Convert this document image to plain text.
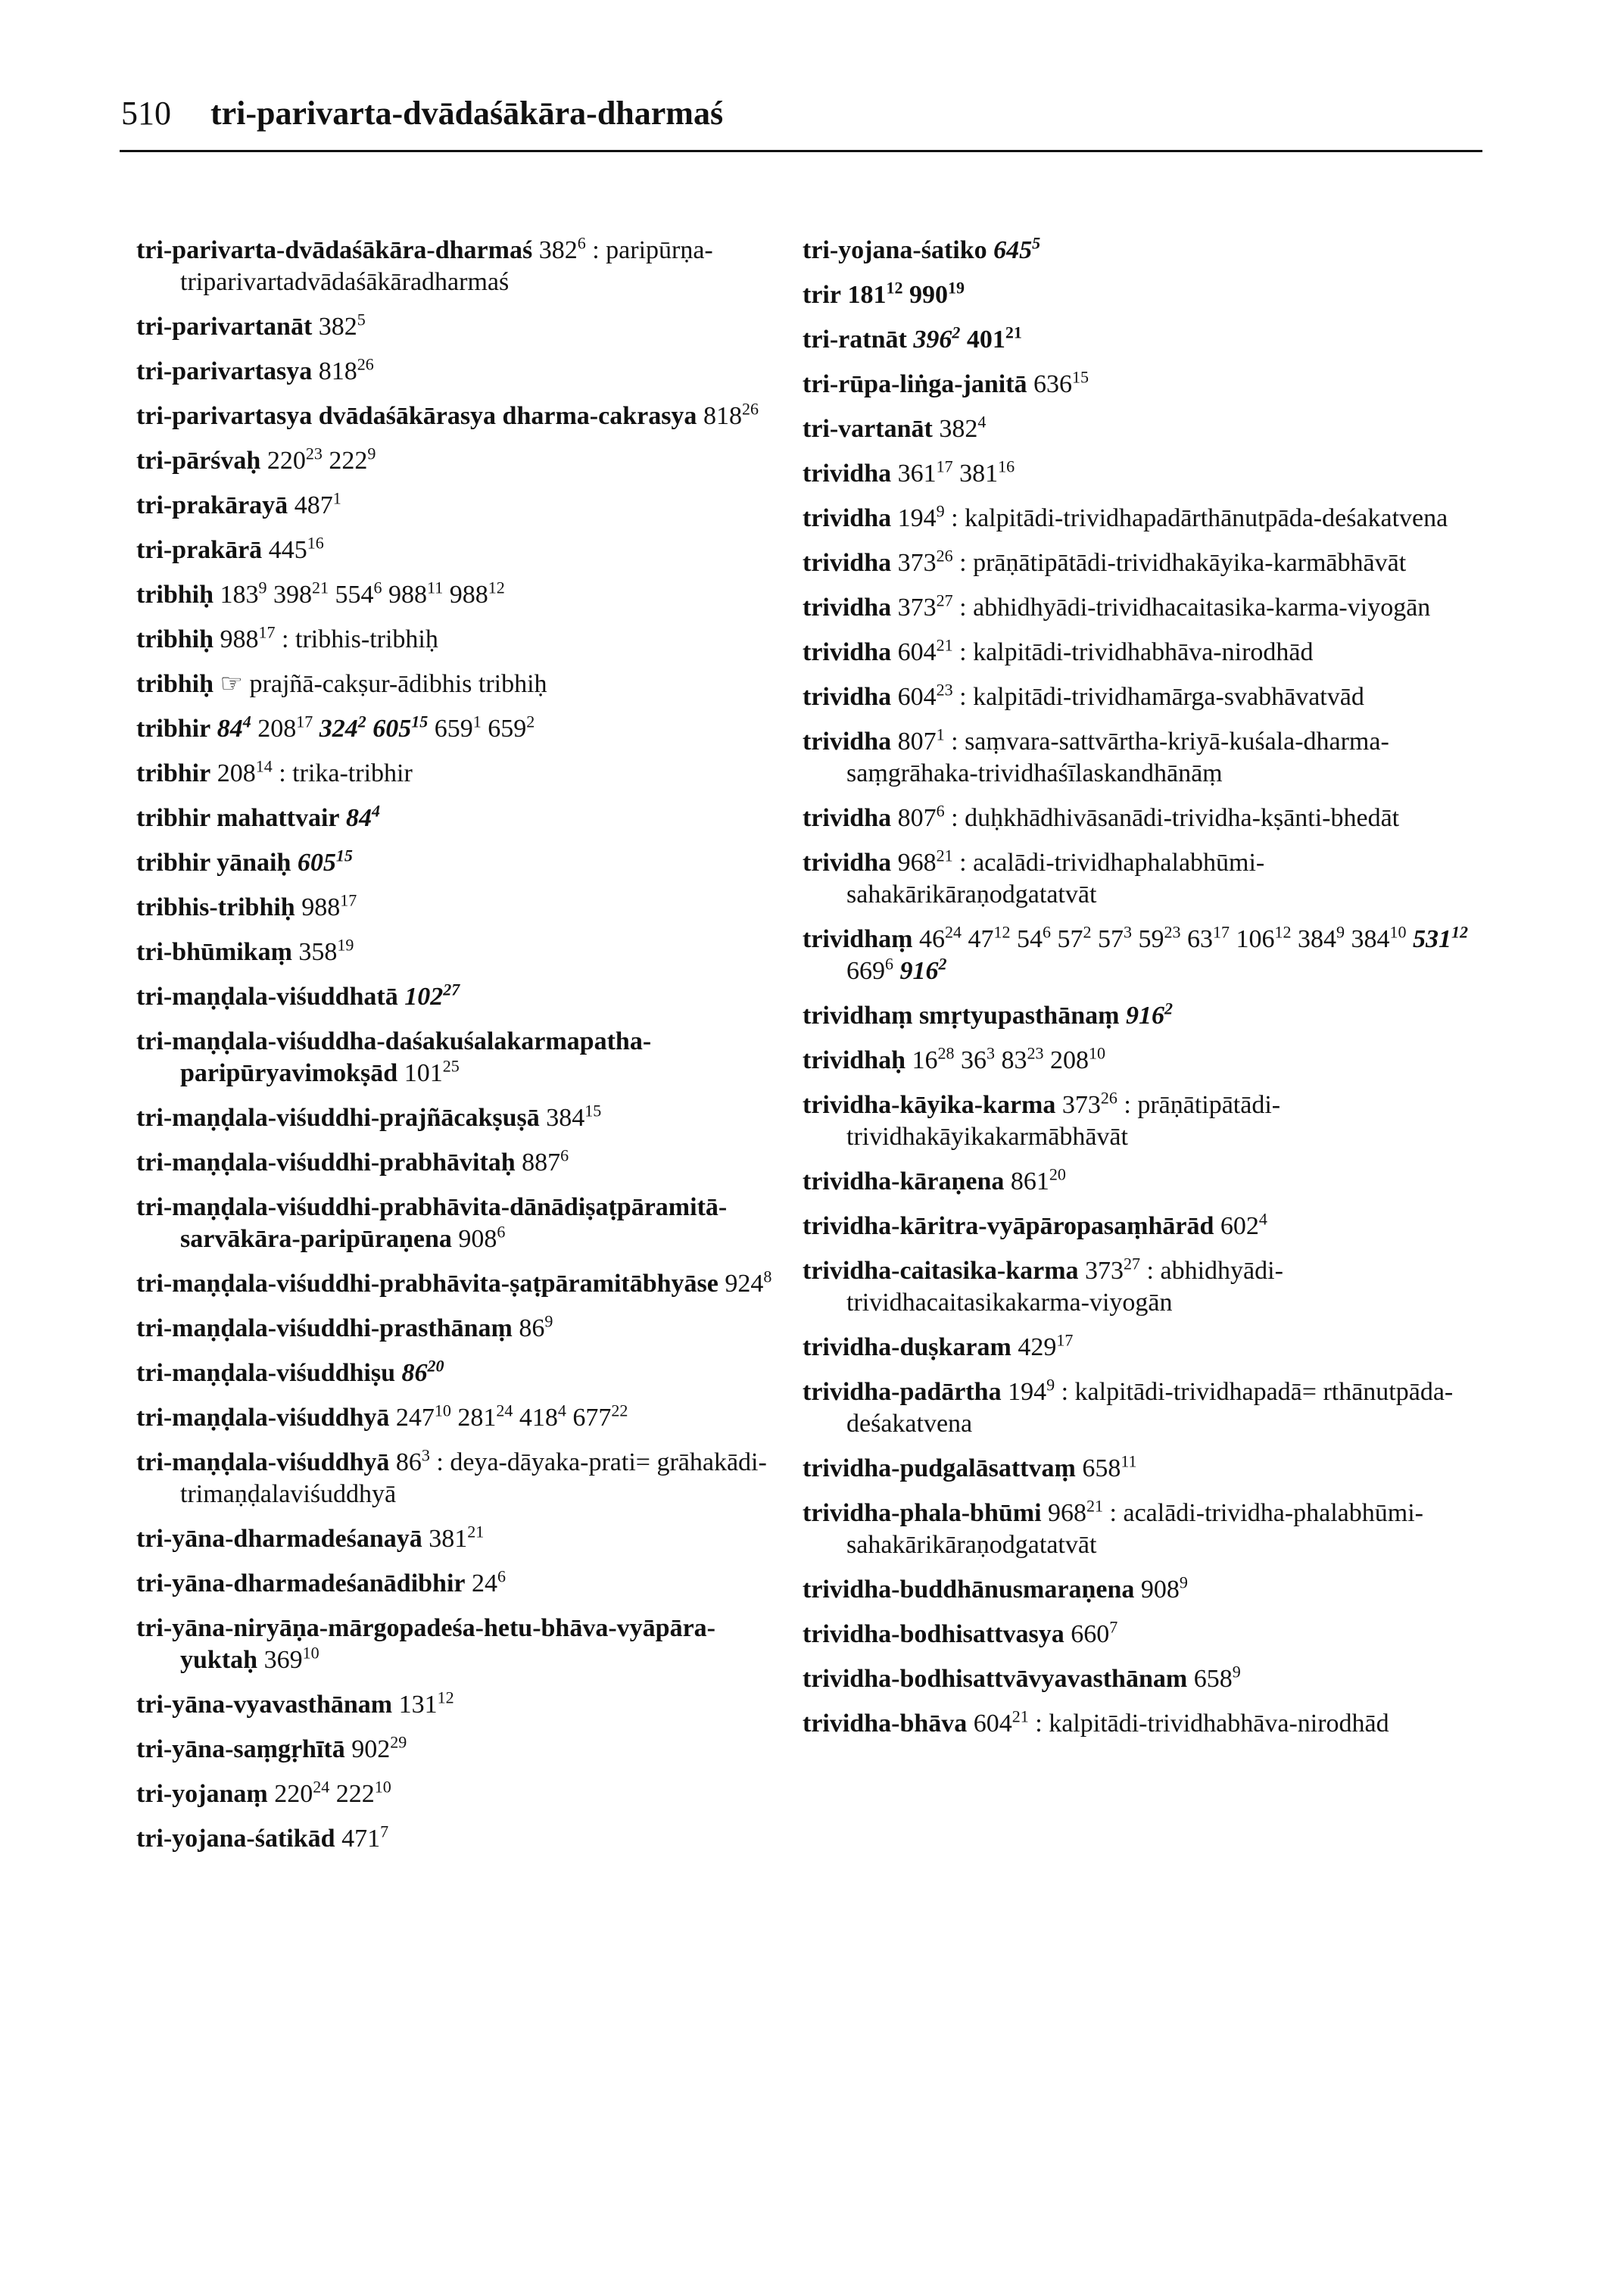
510 tri-parivarta-dvādaśākāra-dharmaś
tri-parivarta-dvādaśākāra-dharmaś $382^6$ : paripūrṇa-triparivartadvādaśākāradharmaś
tri-parivartanāt $382^5$
tri-parivartasya $818^{26}$
tri-parivartasya dvādaśākārasya dharma-cakrasya $818^{26}$
tri-pārśvaḥ $220^{23}$ $222^9$
tri-prakārayā $487^1$
tri-prakārā $445^{16}$
tribhiḥ $183^9$ $398^{21}$ $554^6$ $988^{11}$ $988^{12}$
tribhiḥ $988^{17}$ : tribhis-tribhiḥ
tribhiḥ ☞ prajñā-cakṣur-ādibhis tribhiḥ
tribhir $84^4$ $208^{17}$ $324^2$ $605^{15}$ $659^1$ $659^2$
tribhir $208^{14}$ : trika-tribhir
tribhir mahattvair $84^4$
tribhir yānaiḥ $605^{15}$
tribhis-tribhiḥ $988^{17}$
tri-bhūmikaṃ $358^{19}$
tri-maṇḍala-viśuddhatā $102^{27}$
tri-maṇḍala-viśuddha-daśakuśalakarmapatha-paripūryavimokṣād $101^{25}$
tri-maṇḍala-viśuddhi-prajñācakṣuṣā $384^{15}$
tri-maṇḍala-viśuddhi-prabhāvitaḥ $887^6$
tri-maṇḍala-viśuddhi-prabhāvita-dānādiṣaṭpāramitā-sarvākāra-paripūraṇena $908^6$
tri-maṇḍala-viśuddhi-prabhāvita-ṣaṭpāramitābhyāse $924^8$
tri-maṇḍala-viśuddhi-prasthānaṃ $86^9$
tri-maṇḍala-viśuddhiṣu $86^{20}$
tri-maṇḍala-viśuddhyā $247^{10}$ $281^{24}$ $418^4$ $677^{22}$
tri-maṇḍala-viśuddhyā $86^3$ : deya-dāyaka-prati= grāhakādi-trimaṇḍalaviśuddhyā
tri-yāna-dharmadeśanayā $381^{21}$
tri-yāna-dharmadeśanādibhir $24^6$
tri-yāna-niryāṇa-mārgopadeśa-hetu-bhāva-vyāpāra-yuktaḥ $369^{10}$
tri-yāna-vyavasthānam $131^{12}$
tri-yāna-saṃgṛhītā $902^{29}$
tri-yojanaṃ $220^{24}$ $222^{10}$
tri-yojana-śatikād $471^7$
tri-yojana-śatiko $645^5$
trir $181^{12}$ $990^{19}$
tri-ratnāt $396^2$ $401^{21}$
tri-rūpa-liṅga-janitā $636^{15}$
tri-vartanāt $382^4$
trividha $361^{17}$ $381^{16}$
trividha $194^9$ : kalpitādi-trividhapadārthānutpāda-deśakatvena
trividha $373^{26}$ : prāṇātipātādi-trividhakāyika-karmābhāvāt
trividha $373^{27}$ : abhidhyādi-trividhacaitasika-karma-viyogān
trividha $604^{21}$ : kalpitādi-trividhabhāva-nirodhād
trividha $604^{23}$ : kalpitādi-trividhamārga-svabhāvatvād
trividha $807^1$ : saṃvara-sattvārtha-kriyā-kuśala-dharma-saṃgrāhaka-trividhaśīlaskandhānāṃ
trividha $807^6$ : duḥkhādhivāsanādi-trividha-kṣānti-bhedāt
trividha $968^{21}$ : acalādi-trividhaphalabhūmi-sahakārikāraṇodgatatvāt
trividhaṃ $46^{24}$ $47^{12}$ $54^6$ $57^2$ $57^3$ $59^{23}$ $63^{17}$ $106^{12}$ $384^9$ $384^{10}$ $531^{12}$ $669^6$ $916^2$
trividhaṃ smṛtyupasthānaṃ $916^2$
trividhaḥ $16^{28}$ $36^3$ $83^{23}$ $208^{10}$
trividha-kāyika-karma $373^{26}$ : prāṇātipātādi-trividhakāyikakarmābhāvāt
trividha-kāraṇena $861^{20}$
trividha-kāritra-vyāpāropasaṃhārād $602^4$
trividha-caitasika-karma $373^{27}$ : abhidhyādi-trividhacaitasikakarma-viyogān
trividha-duṣkaram $429^{17}$
trividha-padārtha $194^9$ : kalpitādi-trividhapadā= rthānutpāda-deśakatvena
trividha-pudgalāsattvaṃ $658^{11}$
trividha-phala-bhūmi $968^{21}$ : acalādi-trividha-phalabhūmi-sahakārikāraṇodgatatvāt
trividha-buddhānusmaraṇena $908^9$
trividha-bodhisattvasya $660^7$
trividha-bodhisattvāvyavasthānam $658^9$
trividha-bhāva $604^{21}$ : kalpitādi-trividhabhāva-nirodhād
